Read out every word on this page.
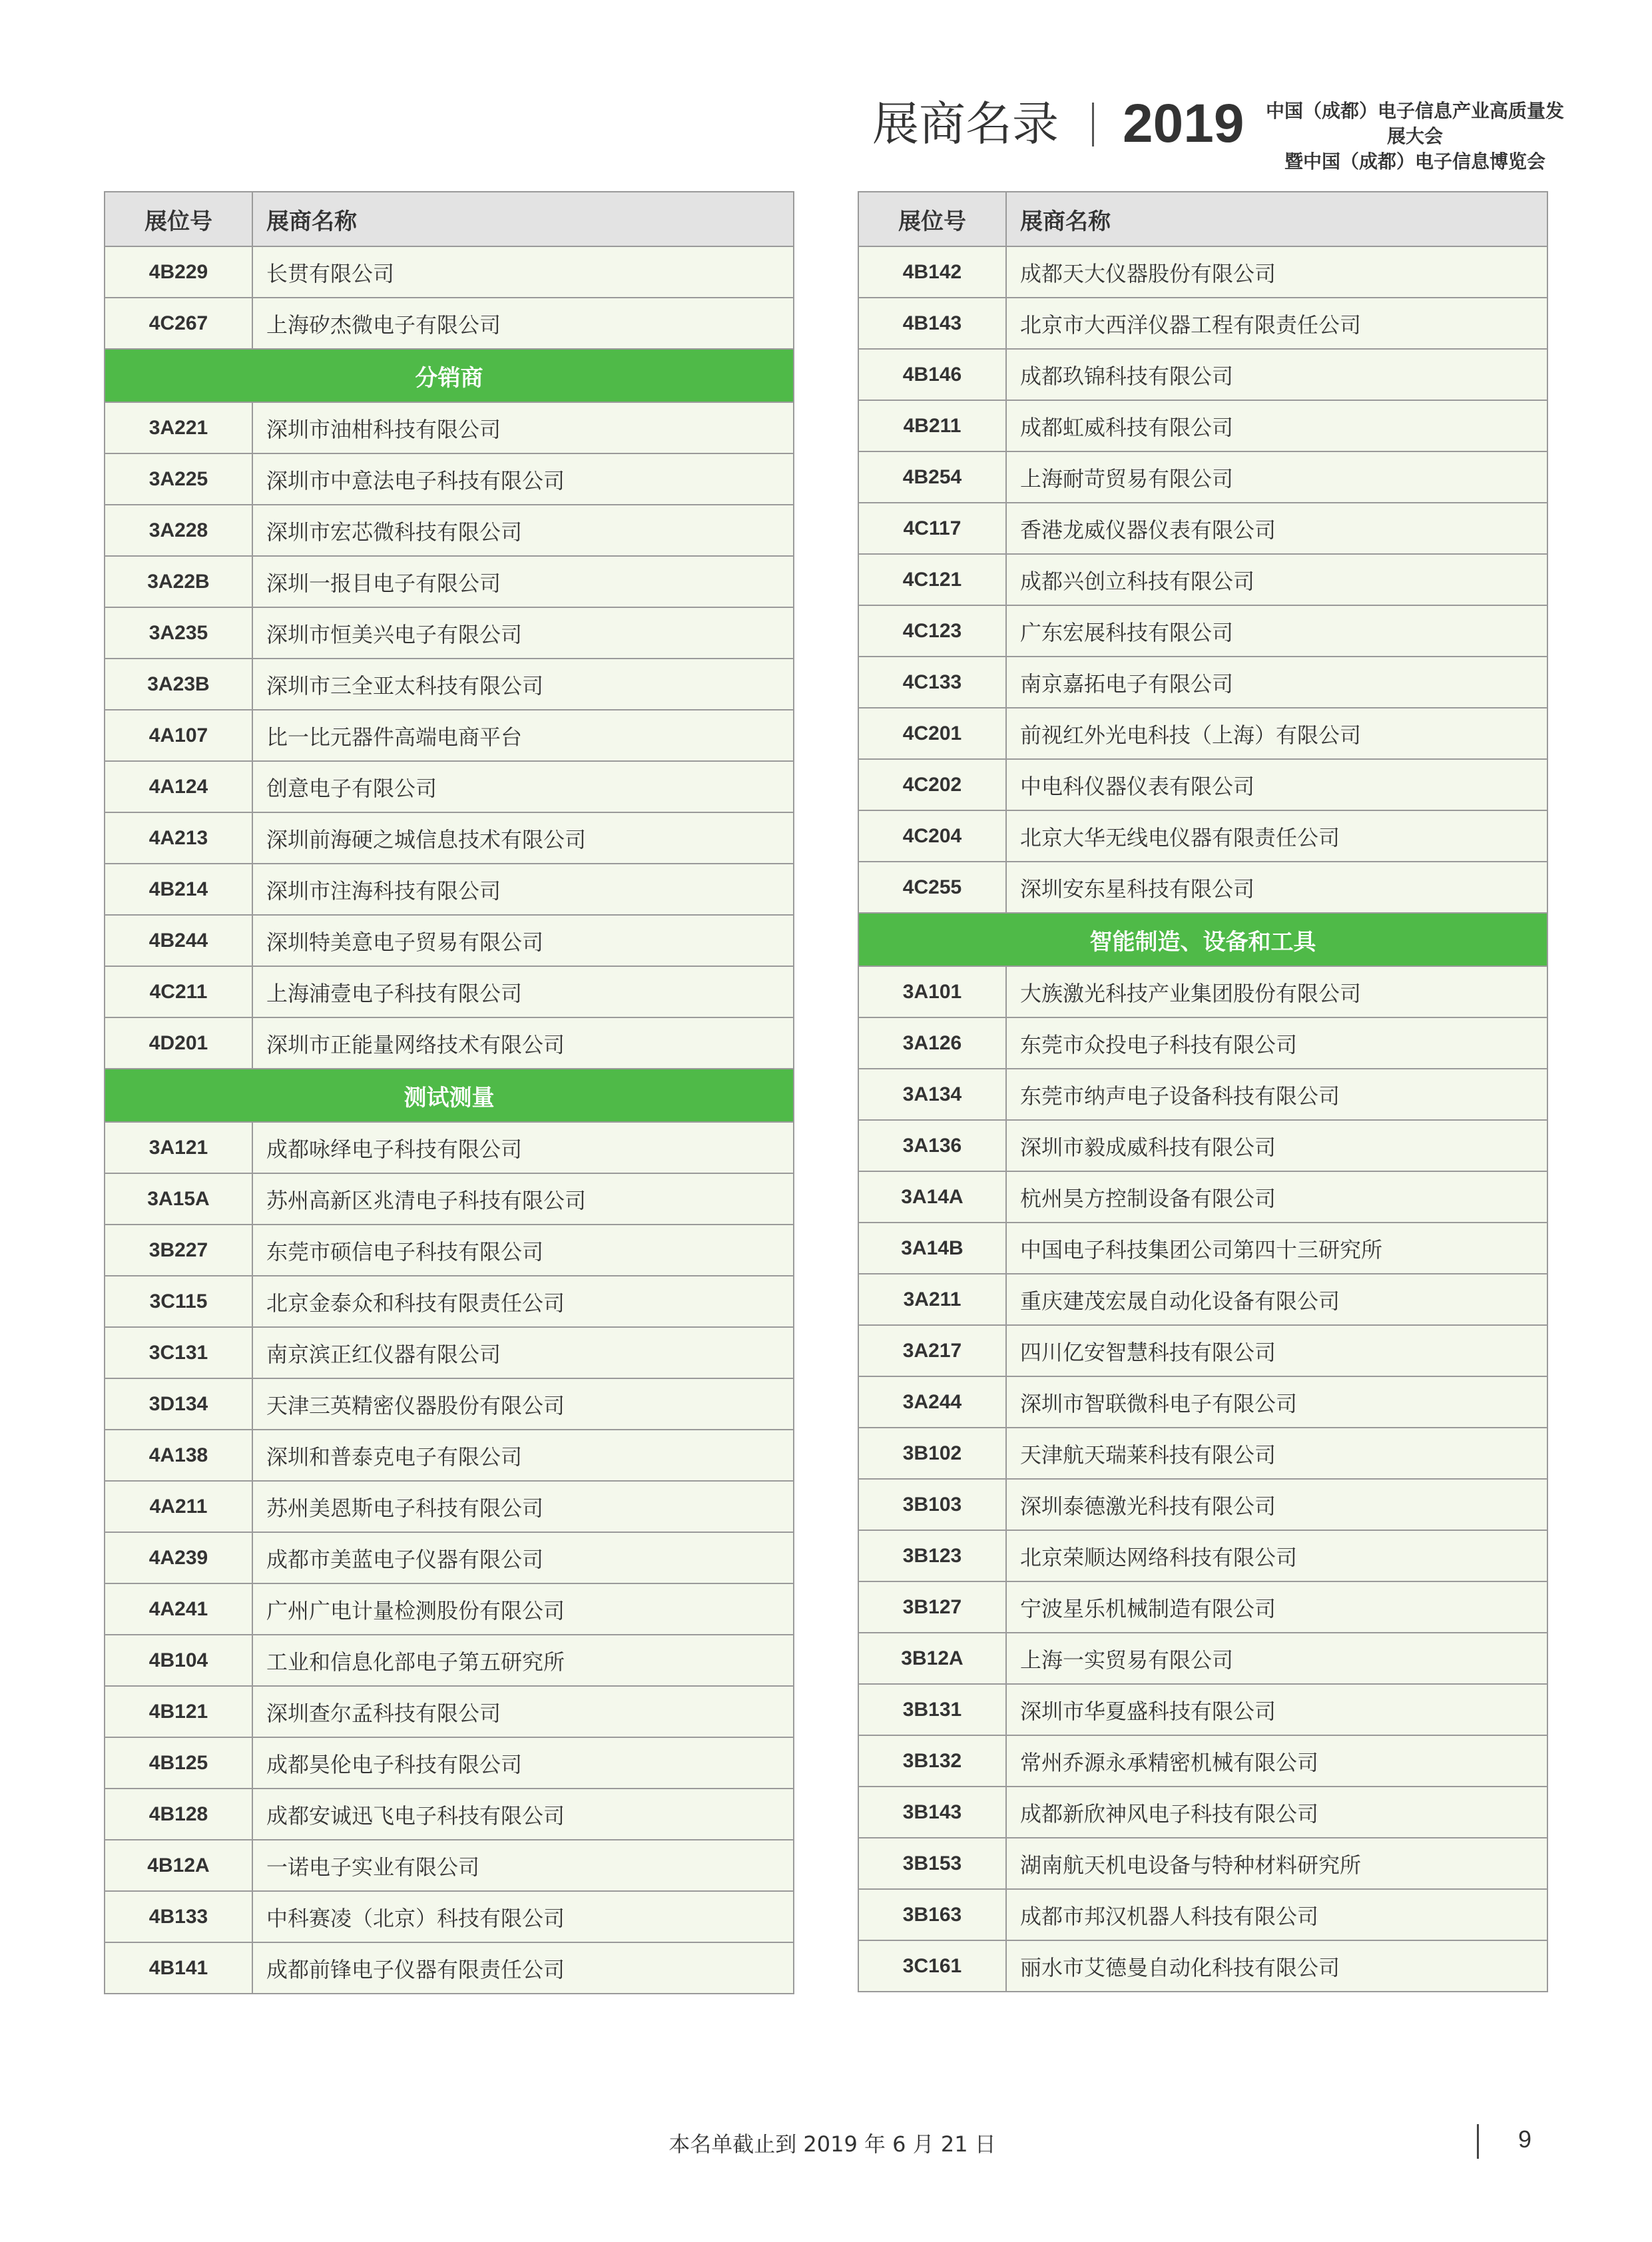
展商名录 2019	中国（成都）电子信息产业高质量发展大会
暨中国（成都）电子信息博览会
展位号	展商名称
4B229	长贯有限公司
4C267	上海矽杰微电子有限公司
分销商	
3A221	深圳市油柑科技有限公司
3A225	深圳市中意法电子科技有限公司
3A228	深圳市宏芯微科技有限公司
3A22B	深圳一报目电子有限公司
3A235	深圳市恒美兴电子有限公司
3A23B	深圳市三全亚太科技有限公司
4A107	比一比元器件高端电商平台
4A124	创意电子有限公司
4A213	深圳前海硬之城信息技术有限公司
4B214	深圳市注海科技有限公司
4B244	深圳特美意电子贸易有限公司
4C211	上海浦壹电子科技有限公司
4D201	深圳市正能量网络技术有限公司
测试测量	
3A121	成都咏绎电子科技有限公司
3A15A	苏州高新区兆清电子科技有限公司
3B227	东莞市硕信电子科技有限公司
3C115	北京金泰众和科技有限责任公司
3C131	南京滨正红仪器有限公司
3D134	天津三英精密仪器股份有限公司
4A138	深圳和普泰克电子有限公司
4A211	苏州美恩斯电子科技有限公司
4A239	成都市美蓝电子仪器有限公司
4A241	广州广电计量检测股份有限公司
4B104	工业和信息化部电子第五研究所
4B121	深圳查尔孟科技有限公司
4B125	成都昊伦电子科技有限公司
4B128	成都安诚迅飞电子科技有限公司
4B12A	一诺电子实业有限公司
4B133	中科赛凌（北京）科技有限公司
4B141	成都前锋电子仪器有限责任公司
展位号	展商名称
4B142	成都天大仪器股份有限公司
4B143	北京市大西洋仪器工程有限责任公司
4B146	成都玖锦科技有限公司
4B211	成都虹威科技有限公司
4B254	上海耐苛贸易有限公司
4C117	香港龙威仪器仪表有限公司
4C121	成都兴创立科技有限公司
4C123	广东宏展科技有限公司
4C133	南京嘉拓电子有限公司
4C201	前视红外光电科技（上海）有限公司
4C202	中电科仪器仪表有限公司
4C204	北京大华无线电仪器有限责任公司
4C255	深圳安东星科技有限公司
智能制造、设备和工具	
3A101	大族激光科技产业集团股份有限公司
3A126	东莞市众投电子科技有限公司
3A134	东莞市纳声电子设备科技有限公司
3A136	深圳市毅成威科技有限公司
3A14A	杭州昊方控制设备有限公司
3A14B	中国电子科技集团公司第四十三研究所
3A211	重庆建茂宏晟自动化设备有限公司
3A217	四川亿安智慧科技有限公司
3A244	深圳市智联微科电子有限公司
3B102	天津航天瑞莱科技有限公司
3B103	深圳泰德激光科技有限公司
3B123	北京荣顺达网络科技有限公司
3B127	宁波星乐机械制造有限公司
3B12A	上海一实贸易有限公司
3B131	深圳市华夏盛科技有限公司
3B132	常州乔源永承精密机械有限公司
3B143	成都新欣神风电子科技有限公司
3B153	湖南航天机电设备与特种材料研究所
3B163	成都市邦汉机器人科技有限公司
3C161	丽水市艾德曼自动化科技有限公司
本名单截止到 2019 年 6 月 21 日	9
